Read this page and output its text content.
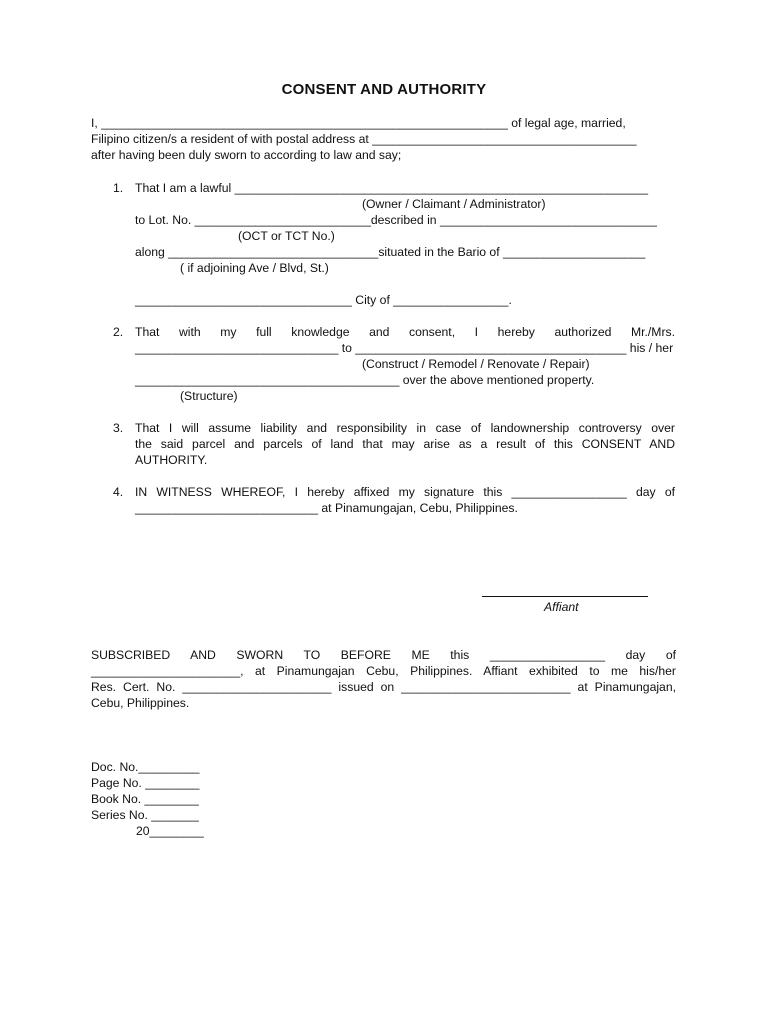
CONSENT AND AUTHORITY
I, ____________________________________________________________ of legal age, married,
Filipino citizen/s a resident of with postal address at _______________________________________
after having been duly sworn to according to law and say;
1. That I am a lawful _____________________________________________________________
(Owner / Claimant / Administrator)
to Lot. No. __________________________described in ________________________________
(OCT or TCT No.)
along _______________________________situated in the Bario of _____________________
( if adjoining Ave / Blvd, St.)
________________________________ City of _________________.
2. That with my full knowledge and consent, I hereby authorized Mr./Mrs.
______________________________ to ________________________________________ his / her
(Construct / Remodel / Renovate / Repair)
_______________________________________ over the above mentioned property.
(Structure)
3. That I will assume liability and responsibility in case of landownership controversy over
the said parcel and parcels of land that may arise as a result of this CONSENT AND
AUTHORITY.
4. IN WITNESS WHEREOF, I hereby affixed my signature this _________________ day of
___________________________ at Pinamungajan, Cebu, Philippines.
Affiant
SUBSCRIBED AND SWORN TO BEFORE ME this _________________ day of
______________________, at Pinamungajan Cebu, Philippines. Affiant exhibited to me his/her
Res. Cert. No. ______________________ issued on _________________________ at Pinamungajan,
Cebu, Philippines.
Doc. No._________
Page No. ________
Book No. ________
Series No. _______
20________
